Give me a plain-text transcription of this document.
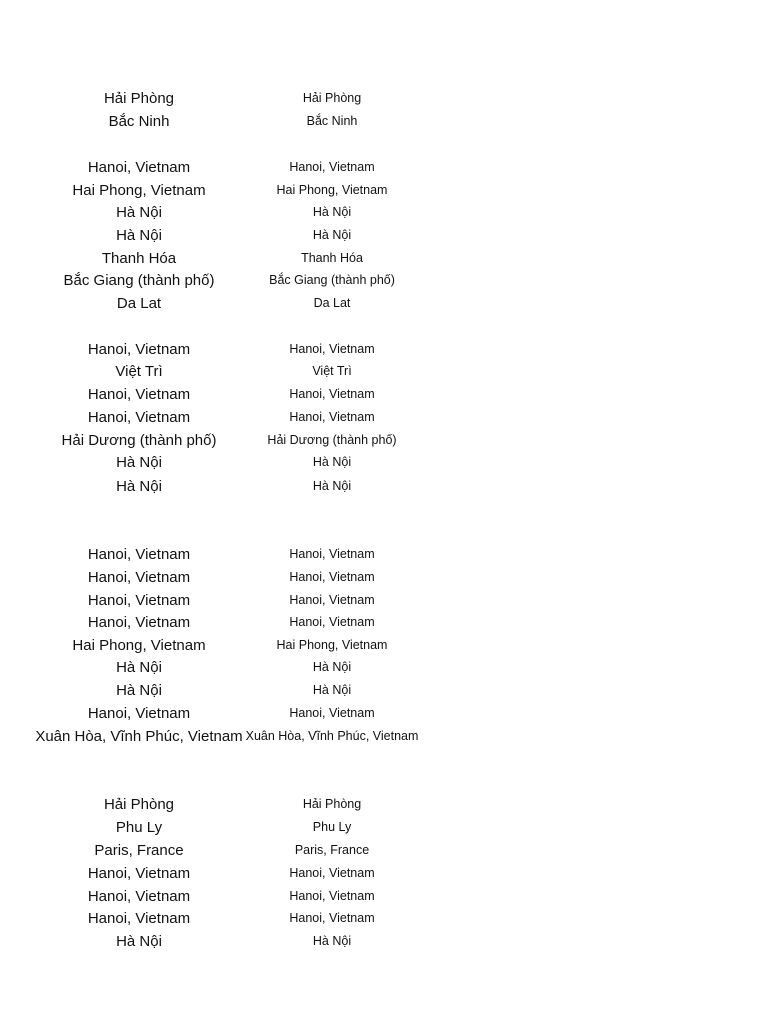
Hải Phòng	Hải Phòng
Bắc Ninh	Bắc Ninh
Hanoi, Vietnam	Hanoi, Vietnam
Hai Phong, Vietnam	Hai Phong, Vietnam
Hà Nội	Hà Nội
Hà Nội	Hà Nội
Thanh Hóa	Thanh Hóa
Bắc Giang (thành phố)	Bắc Giang (thành phố)
Da Lat	Da Lat
Hanoi, Vietnam	Hanoi, Vietnam
Việt Trì	Việt Trì
Hanoi, Vietnam	Hanoi, Vietnam
Hanoi, Vietnam	Hanoi, Vietnam
Hải Dương (thành phố)	Hải Dương (thành phố)
Hà Nội	Hà Nội
Hà Nội	Hà Nội
Hanoi, Vietnam	Hanoi, Vietnam
Hanoi, Vietnam	Hanoi, Vietnam
Hanoi, Vietnam	Hanoi, Vietnam
Hanoi, Vietnam	Hanoi, Vietnam
Hai Phong, Vietnam	Hai Phong, Vietnam
Hà Nội	Hà Nội
Hà Nội	Hà Nội
Hanoi, Vietnam	Hanoi, Vietnam
Xuân Hòa, Vĩnh Phúc, Vietnam Xuân Hòa, Vĩnh Phúc, Vietnam
Hải Phòng	Hải Phòng
Phu Ly	Phu Ly
Paris, France	Paris, France
Hanoi, Vietnam	Hanoi, Vietnam
Hanoi, Vietnam	Hanoi, Vietnam
Hanoi, Vietnam	Hanoi, Vietnam
Hà Nội	Hà Nội
